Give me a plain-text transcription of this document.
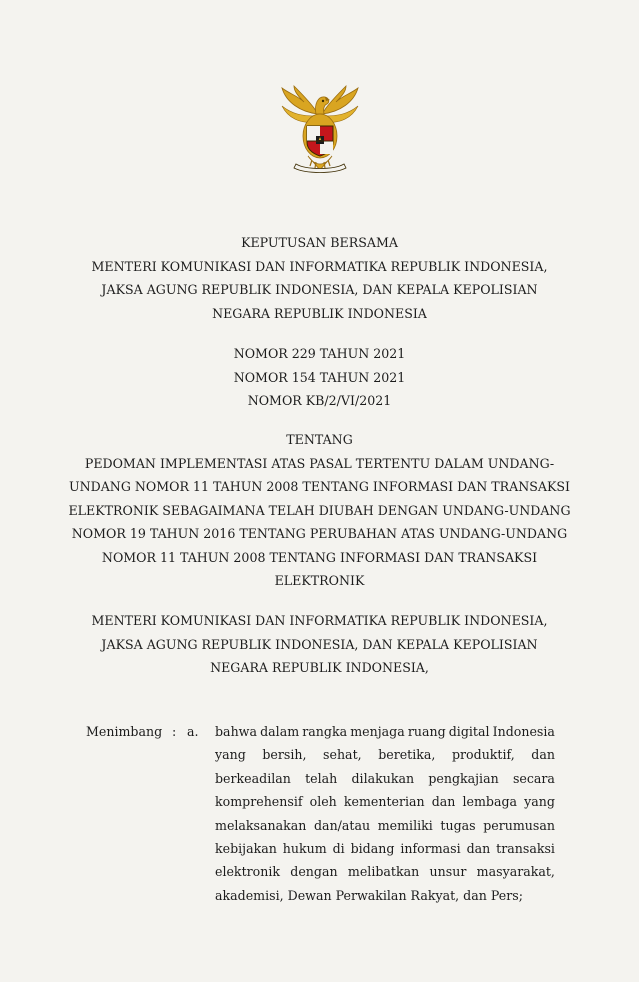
KEPUTUSAN BERSAMA
MENTERI KOMUNIKASI DAN INFORMATIKA REPUBLIK INDONESIA,
JAKSA AGUNG REPUBLIK INDONESIA, DAN KEPALA KEPOLISIAN
NEGARA REPUBLIK INDONESIA
NOMOR 229 TAHUN 2021
NOMOR 154 TAHUN 2021
NOMOR KB/2/VI/2021
TENTANG
PEDOMAN IMPLEMENTASI ATAS PASAL TERTENTU DALAM UNDANG-
UNDANG NOMOR 11 TAHUN 2008 TENTANG INFORMASI DAN TRANSAKSI
ELEKTRONIK SEBAGAIMANA TELAH DIUBAH DENGAN UNDANG-UNDANG
NOMOR 19 TAHUN 2016 TENTANG PERUBAHAN ATAS UNDANG-UNDANG
NOMOR 11 TAHUN 2008 TENTANG INFORMASI DAN TRANSAKSI
ELEKTRONIK
MENTERI KOMUNIKASI DAN INFORMATIKA REPUBLIK INDONESIA,
JAKSA AGUNG REPUBLIK INDONESIA, DAN KEPALA KEPOLISIAN
NEGARA REPUBLIK INDONESIA,
Menimbang : a. bahwa dalam rangka menjaga ruang digital Indonesia
yang bersih, sehat, beretika, produktif, dan
berkeadilan telah dilakukan pengkajian secara
komprehensif oleh kementerian dan lembaga yang
melaksanakan dan/atau memiliki tugas perumusan
kebijakan hukum di bidang informasi dan transaksi
elektronik dengan melibatkan unsur masyarakat,
akademisi, Dewan Perwakilan Rakyat, dan Pers;
